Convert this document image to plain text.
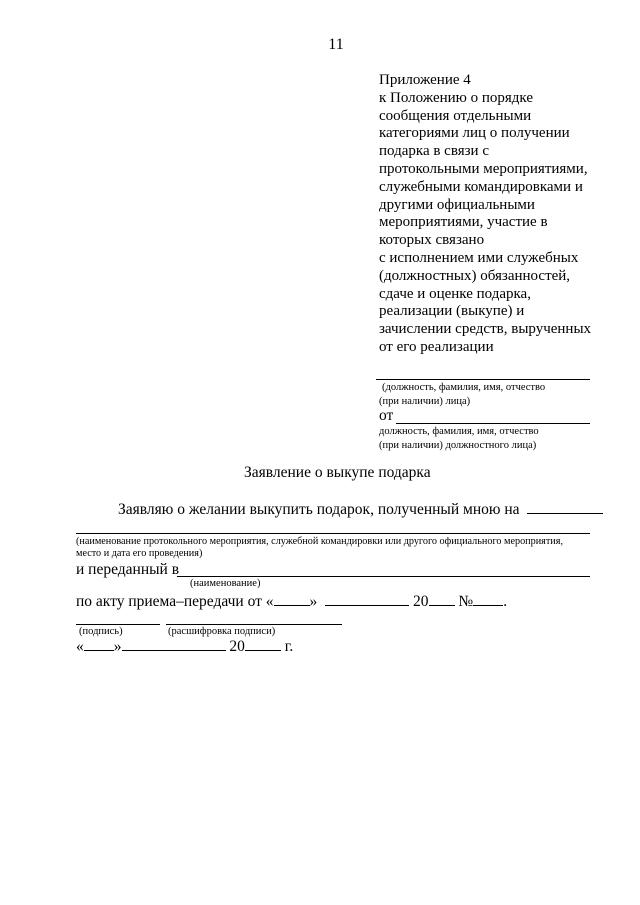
11
Приложение 4
к Положению о порядке
сообщения отдельными
категориями лиц о получении
подарка в связи с
протокольными мероприятиями,
служебными командировками и
другими официальными
мероприятиями, участие в
которых связано
с исполнением ими служебных
(должностных) обязанностей,
сдаче и оценке подарка,
реализации (выкупе) и
зачислении средств, вырученных
от его реализации
(должность, фамилия, имя, отчество
(при наличии) лица)
от
должность, фамилия, имя, отчество
(при наличии) должностного лица)
Заявление о выкупе подарка
Заявляю о желании выкупить подарок, полученный мною на
(наименование протокольного мероприятия, служебной командировки или другого официального мероприятия,
место и дата его проведения)
и переданный в
(наименование)
по акту приема–передачи от « »	20 № .
(подпись)	(расшифровка подписи)
« »	20	г.
